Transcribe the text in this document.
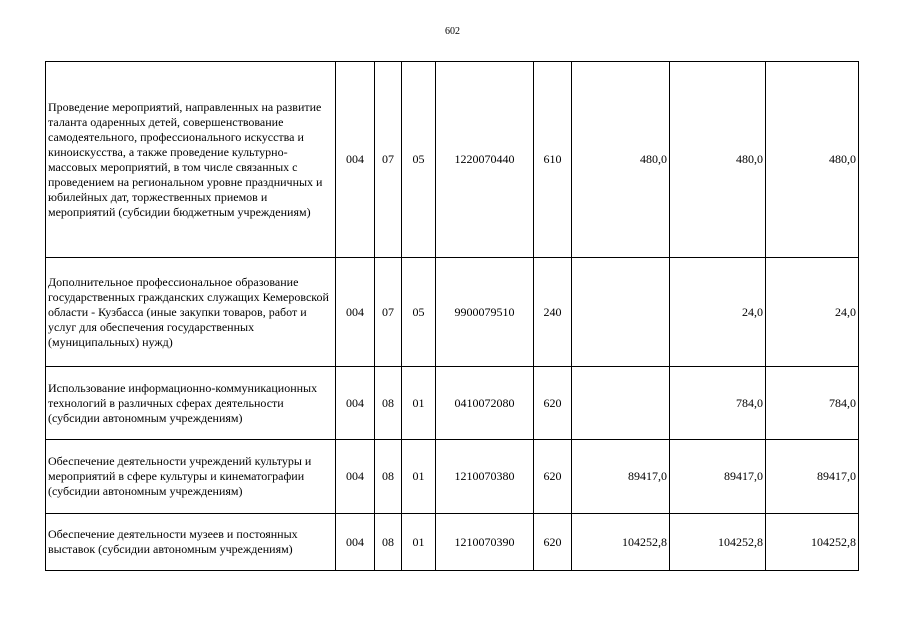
602
Проведение мероприятий, направленных на развитие таланта одаренных детей, совершенствование самодеятельного, профессионального искусства и киноискусства, а также проведение культурно-массовых мероприятий, в том числе связанных с проведением на региональном уровне праздничных и юбилейных дат, торжественных приемов и мероприятий (субсидии бюджетным учреждениям)	004	07	05	1220070440	610	480,0	480,0	480,0
Дополнительное профессиональное образование государственных гражданских служащих Кемеровской области - Кузбасса (иные закупки товаров, работ и услуг для обеспечения государственных (муниципальных) нужд)	004	07	05	9900079510	240		24,0	24,0
Использование информационно-коммуникационных технологий в различных сферах деятельности (субсидии автономным учреждениям)	004	08	01	0410072080	620		784,0	784,0
Обеспечение деятельности учреждений культуры и мероприятий в сфере культуры и кинематографии (субсидии автономным учреждениям)	004	08	01	1210070380	620	89417,0	89417,0	89417,0
Обеспечение деятельности музеев и постоянных выставок (субсидии автономным учреждениям)	004	08	01	1210070390	620	104252,8	104252,8	104252,8
